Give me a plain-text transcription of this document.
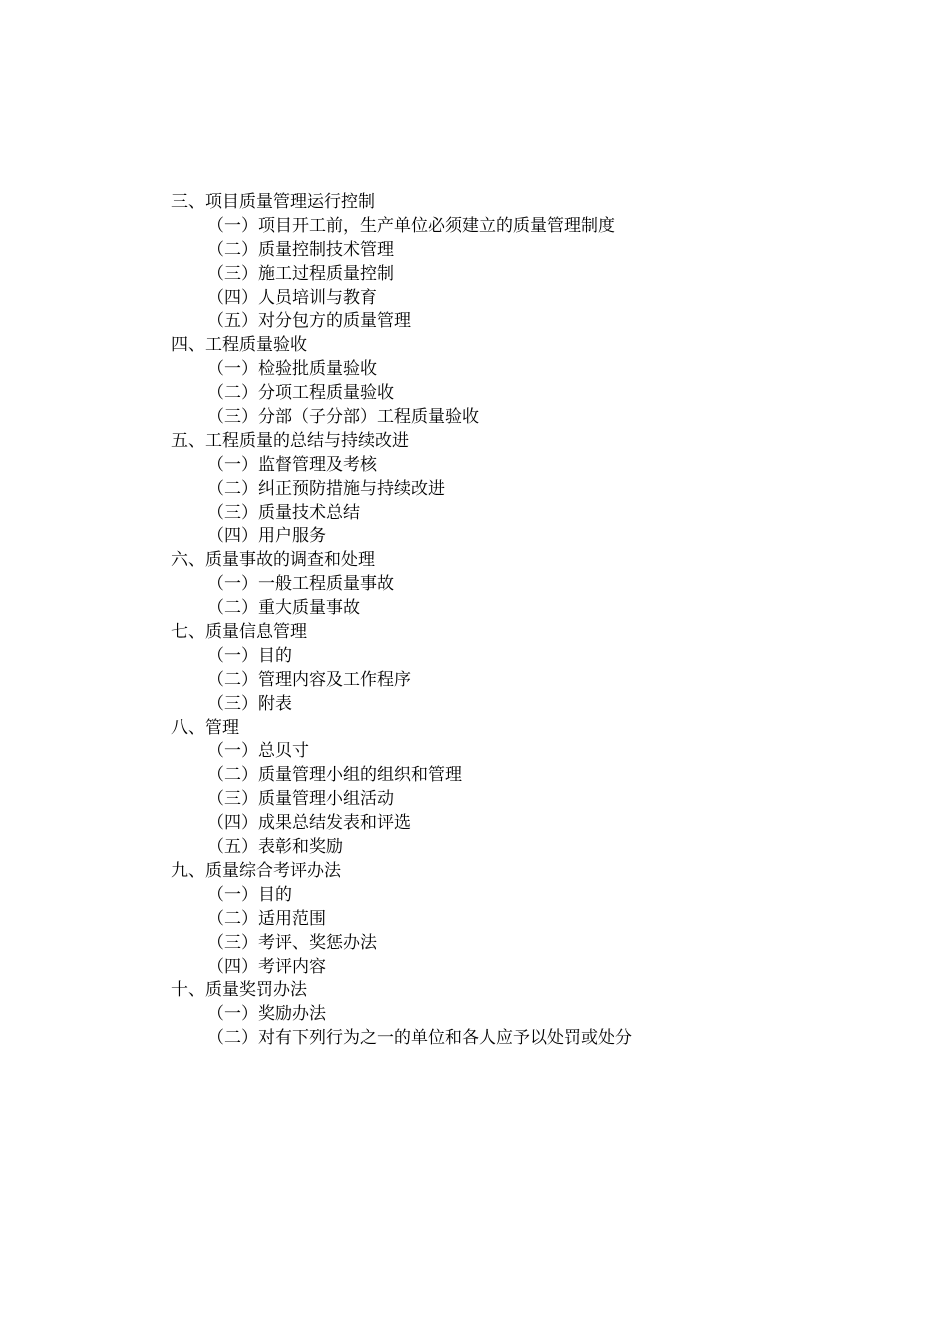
三、项目质量管理运行控制
（一）项目开工前，生产单位必须建立的质量管理制度
（二）质量控制技术管理
（三）施工过程质量控制
（四）人员培训与教育
（五）对分包方的质量管理
四、工程质量验收
（一）检验批质量验收
（二）分项工程质量验收
（三）分部（子分部）工程质量验收
五、工程质量的总结与持续改进
（一）监督管理及考核
（二）纠正预防措施与持续改进
（三）质量技术总结
（四）用户服务
六、质量事故的调查和处理
（一）一般工程质量事故
（二）重大质量事故
七、质量信息管理
（一）目的
（二）管理内容及工作程序
（三）附表
八、管理
（一）总贝寸
（二）质量管理小组的组织和管理
（三）质量管理小组活动
（四）成果总结发表和评选
（五）表彰和奖励
九、质量综合考评办法
（一）目的
（二）适用范围
（三）考评、奖惩办法
（四）考评内容
十、质量奖罚办法
（一）奖励办法
（二）对有下列行为之一的单位和各人应予以处罚或处分
